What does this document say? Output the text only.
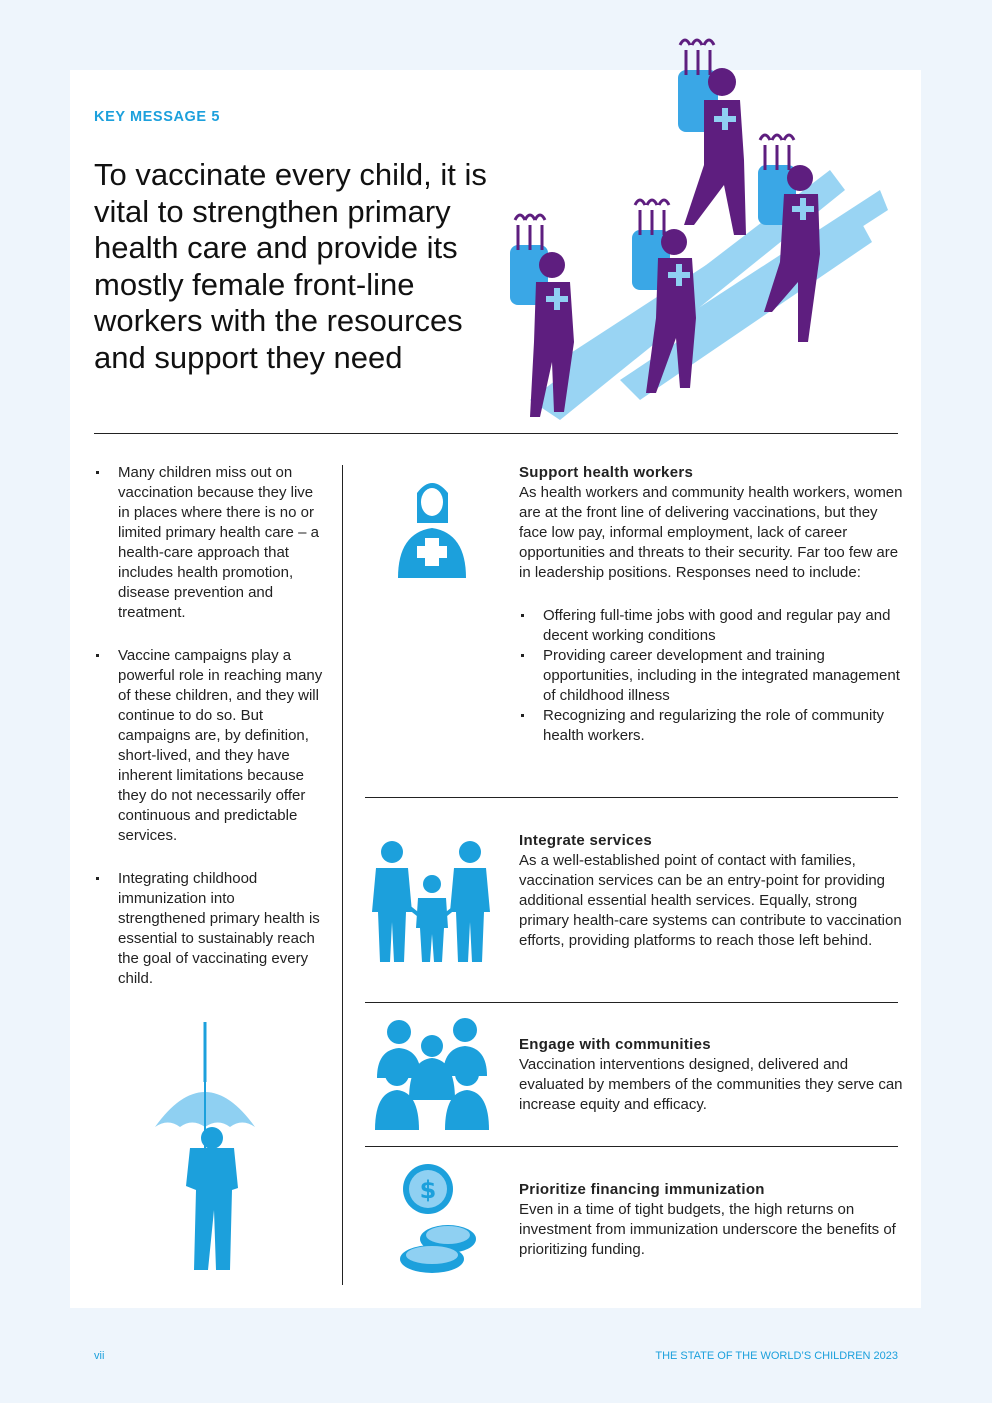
KEY MESSAGE 5
To vaccinate every child, it is vital to strengthen primary health care and provide its mostly female front-line workers with the resources and support they need
Many children miss out on vaccination because they live in places where there is no or limited primary health care – a health-care approach that includes health promotion, disease prevention and treatment.
Vaccine campaigns play a powerful role in reaching many of these children, and they will continue to do so. But campaigns are, by definition, short-lived, and they have inherent limitations because they do not necessarily offer continuous and predictable services.
Integrating childhood immunization into strengthened primary health is essential to sustainably reach the goal of vaccinating every child.
Support health workers

As health workers and community health workers, women are at the front line of delivering vaccinations, but they face low pay, informal employment, lack of career opportunities and threats to their security. Far too few are in leadership positions. Responses need to include:

Offering full-time jobs with good and regular pay and decent working conditions
Providing career development and training opportunities, including in the integrated management of childhood illness
Recognizing and regularizing the role of community health workers.
Integrate services

As a well-established point of contact with families, vaccination services can be an entry-point for providing additional essential health services. Equally, strong primary health-care systems can contribute to vaccination efforts, providing platforms to reach those left behind.

Engage with communities

Vaccination interventions designed, delivered and evaluated by members of the communities they serve can increase equity and efficacy.

$	Prioritize financing immunization

Even in a time of tight budgets, the high returns on investment from immunization underscore the benefits of prioritizing funding.

vii	THE STATE OF THE WORLD’S CHILDREN 2023
